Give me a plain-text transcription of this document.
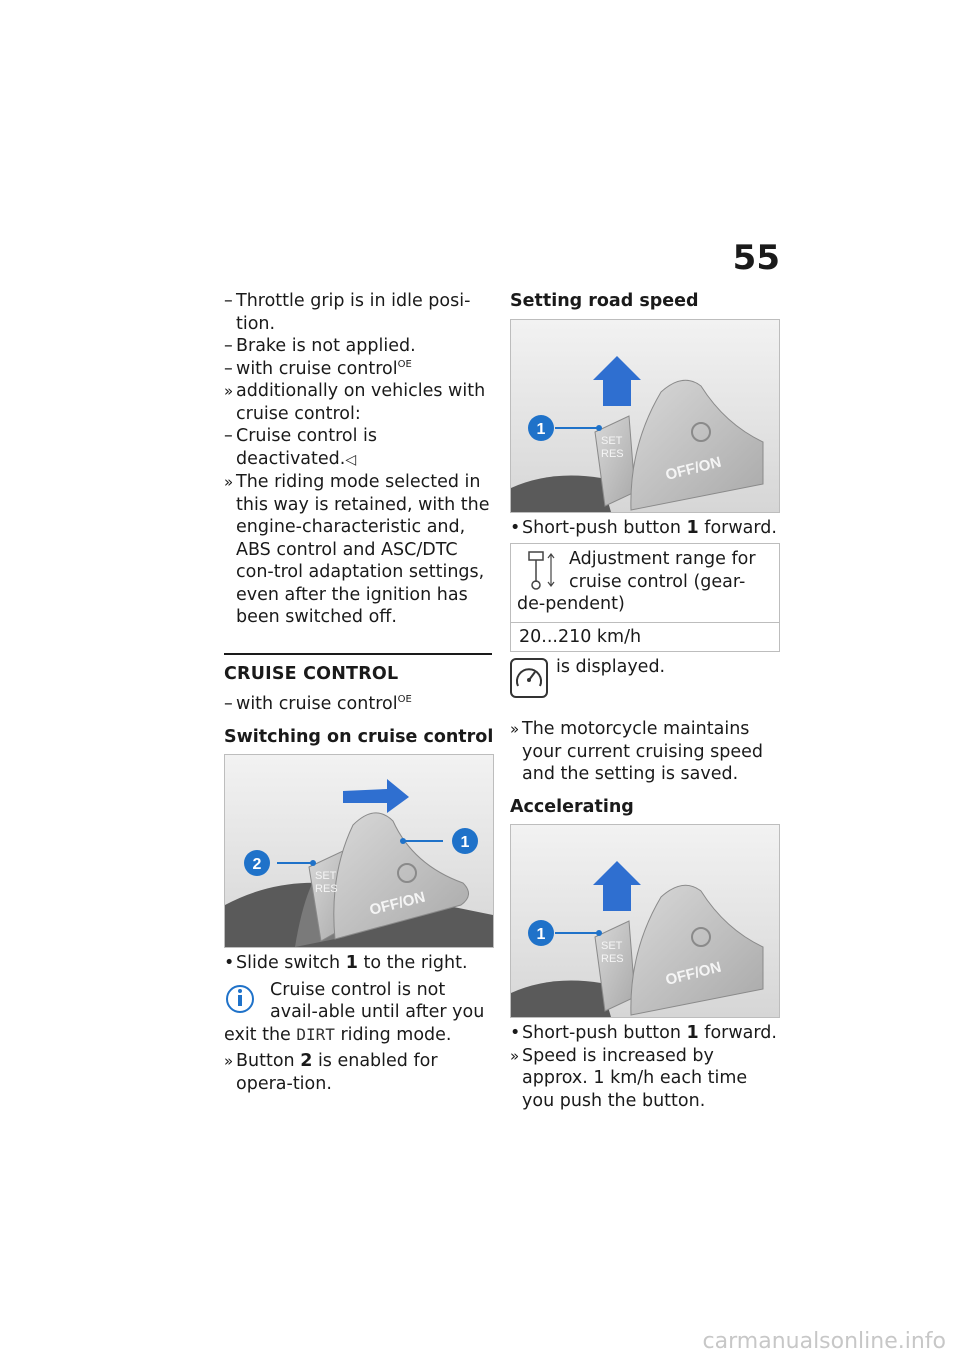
55
–
Throttle grip is in idle posi-tion.
–
Brake is not applied.
–
with cruise control$^{OE}$
»
additionally on vehicles with cruise control:
–
Cruise control is deactivated.◁
»
The riding mode selected in this way is retained, with the engine-characteristic and, ABS control and ASC/DTC con-trol adaptation settings, even after the ignition has been switched off.
CRUISE CONTROL
–
with cruise control$^{OE}$
Switching on cruise control
2
1
SET
RES OFF/ON
•
Slide switch 1 to the right.
Cruise control is not avail-able until after you exit the DIRT riding mode.
»
Button 2 is enabled for opera-tion.
Setting road speed
1
SET
RES	OFF/ON
•
Short-push button 1 forward.
Adjustment range for cruise control (gear-de-pendent)
20...210 km/h
is displayed.
»
The motorcycle maintains your current cruising speed and the setting is saved.
Accelerating
1
SET
RES	OFF/ON
•
Short-push button 1 forward.
»
Speed is increased by approx. 1 km/h each time you push the button.
carmanualsonline.info
